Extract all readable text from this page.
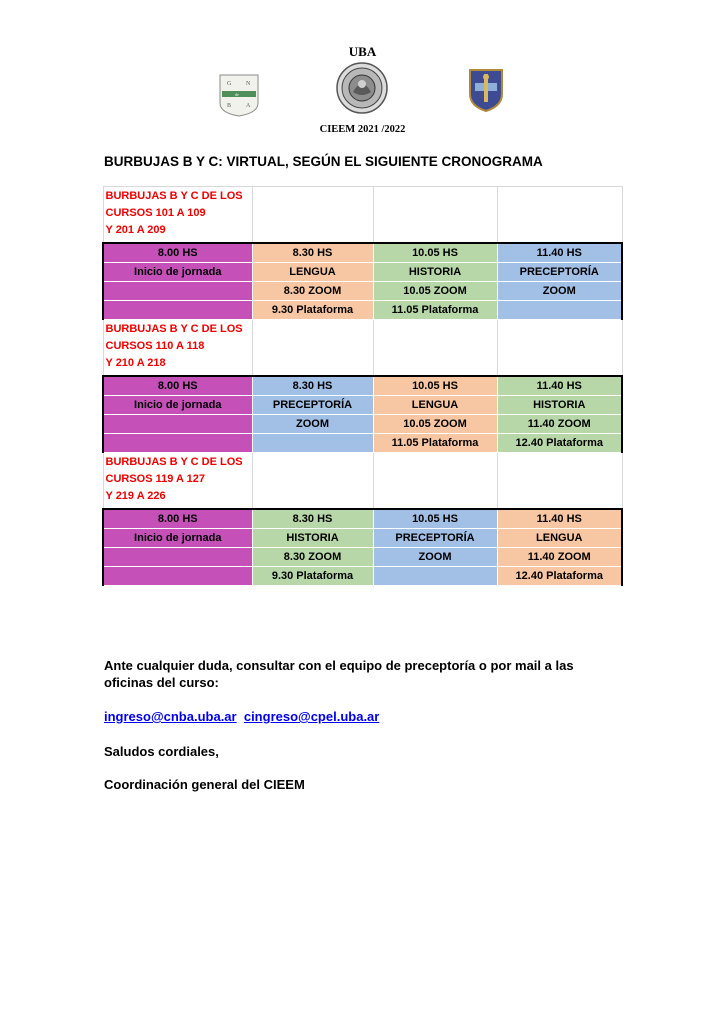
UBA
G N
de
B A
CIEEM 2021 /2022
BURBUJAS B Y C: VIRTUAL, SEGÚN EL SIGUIENTE CRONOGRAMA
BURBUJAS B Y C DE LOS
CURSOS 101 A 109
Y 201 A 209			

8.00 HS	8.30 HS	10.05 HS	11.40 HS
Inicio de jornada	LENGUA	HISTORIA	PRECEPTORÍA
	8.30 ZOOM	10.05 ZOOM	ZOOM
	9.30 Plataforma	11.05 Plataforma	

BURBUJAS B Y C DE LOS
CURSOS 110 A 118
Y 210 A 218			

8.00 HS	8.30 HS	10.05 HS	11.40 HS
Inicio de jornada	PRECEPTORÍA	LENGUA	HISTORIA
	ZOOM	10.05 ZOOM	11.40 ZOOM
		11.05 Plataforma	12.40 Plataforma

BURBUJAS B Y C DE LOS
CURSOS 119 A 127
Y 219 A 226			

8.00 HS	8.30 HS	10.05 HS	11.40 HS
Inicio de jornada	HISTORIA	PRECEPTORÍA	LENGUA
	8.30 ZOOM	ZOOM	11.40 ZOOM
	9.30 Plataforma		12.40 Plataforma
Ante cualquier duda, consultar con el equipo de preceptoría o por mail a las oficinas del curso:
ingreso@cnba.uba.ar cingreso@cpel.uba.ar
Saludos cordiales,
Coordinación general del CIEEM
